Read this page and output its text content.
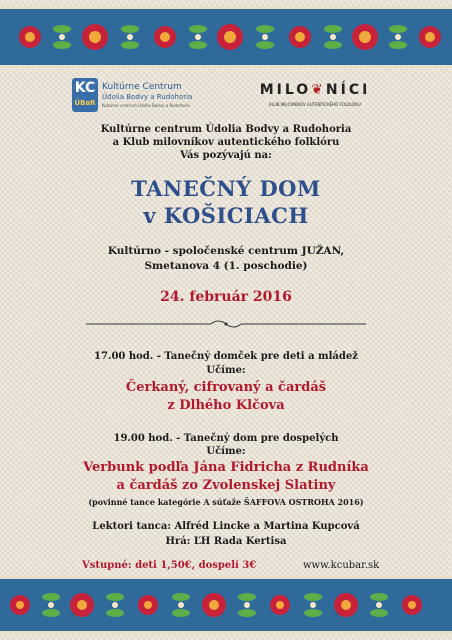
KC
ÚBaR
Kultúrne Centrum
Údolia Bodvy a Rudohoria
Kultúrne centrum Údolia Bodvy a Rudohoria
MILO❦NÍCI
KLUB MILOVNÍKOV AUTENTICKÉHO FOLKLÓRU
Kultúrne centrum Údolia Bodvy a Rudohoria
a Klub milovníkov autentického folklóru
Vás pozývajú na:
TANEČNÝ DOM
v KOŠICIACH
Kultúrno - spoločenské centrum JUŽAN,
Smetanova 4 (1. poschodie)
24. február 2016
17.00 hod. - Tanečný domček pre deti a mládež
Učíme:
Čerkaný, cifrovaný a čardáš
z Dlhého Klčova
19.00 hod. - Tanečný dom pre dospelých
Učíme:
Verbunk podľa Jána Fidricha z Rudníka
a čardáš zo Zvolenskej Slatiny
(povinné tance kategórie A súťaže ŠAFFOVA OSTROHA 2016)
Lektori tanca: Alfréd Lincke a Martina Kupcová
Hrá: ĽH Rada Kertisa
Vstupné: deti 1,50€, dospelí 3€	www.kcubar.sk
